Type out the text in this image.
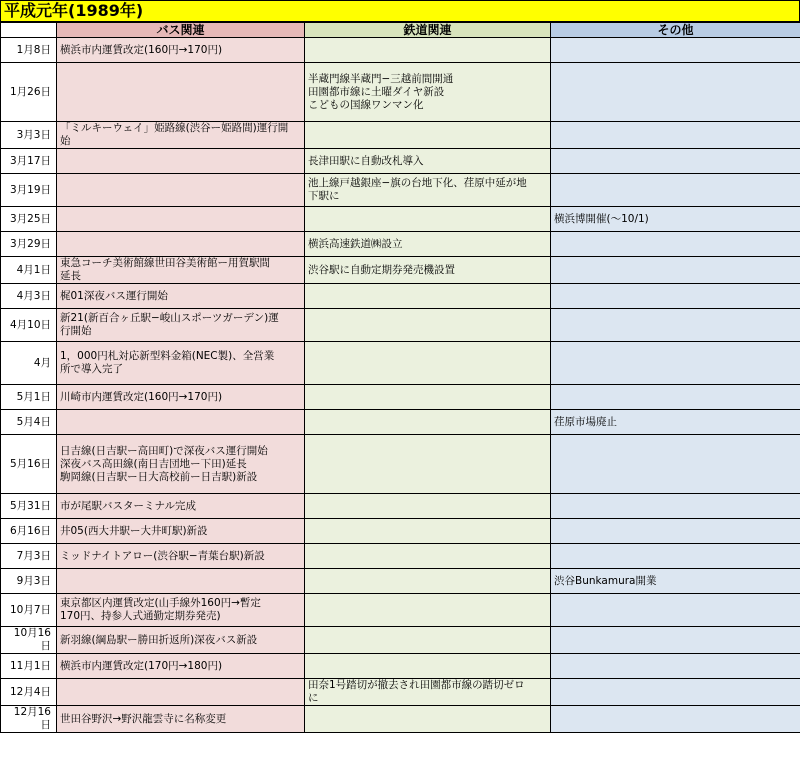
平成元年(1989年)
	バス関連	鉄道関連	その他
1月8日	横浜市内運賃改定(160円→170円)		

1月26日		半蔵門線半蔵門−三越前間開通
田園都市線に土曜ダイヤ新設
こどもの国線ワンマン化	

3月3日	「ミルキーウェイ」姫路線(渋谷ー姫路間)運行開
始		

3月17日		長津田駅に自動改札導入	

3月19日		池上線戸越銀座−旗の台地下化、荏原中延が地
下駅に	

3月25日			横浜博開催(〜10/1)

3月29日		横浜高速鉄道㈱設立	

4月1日	東急コーチ美術館線世田谷美術館ー用賀駅間
延長	渋谷駅に自動定期券発売機設置	

4月3日	梶01深夜バス運行開始		

4月10日	新21(新百合ヶ丘駅−峻山スポーツガーデン)運
行開始		

4月	1，000円札対応新型料金箱(NEC製)、全営業
所で導入完了		

5月1日	川崎市内運賃改定(160円→170円)		

5月4日			荏原市場廃止

5月16日	日吉線(日吉駅ー高田町)で深夜バス運行開始
深夜バス高田線(南日吉団地ー下田)延長
駒岡線(日吉駅ー日大高校前ー日吉駅)新設		

5月31日	市が尾駅バスターミナル完成		

6月16日	井05(西大井駅ー大井町駅)新設		

7月3日	ミッドナイトアロー(渋谷駅−青葉台駅)新設		

9月3日			渋谷Bunkamura開業

10月7日	東京都区内運賃改定(山手線外160円→暫定
170円、持参人式通勤定期券発売)		

10月16日	新羽線(綱島駅ー勝田折返所)深夜バス新設		

11月1日	横浜市内運賃改定(170円→180円)		

12月4日		田奈1号踏切が撤去され田園都市線の踏切ゼロ
に	

12月16日	世田谷野沢→野沢龍雲寺に名称変更		
